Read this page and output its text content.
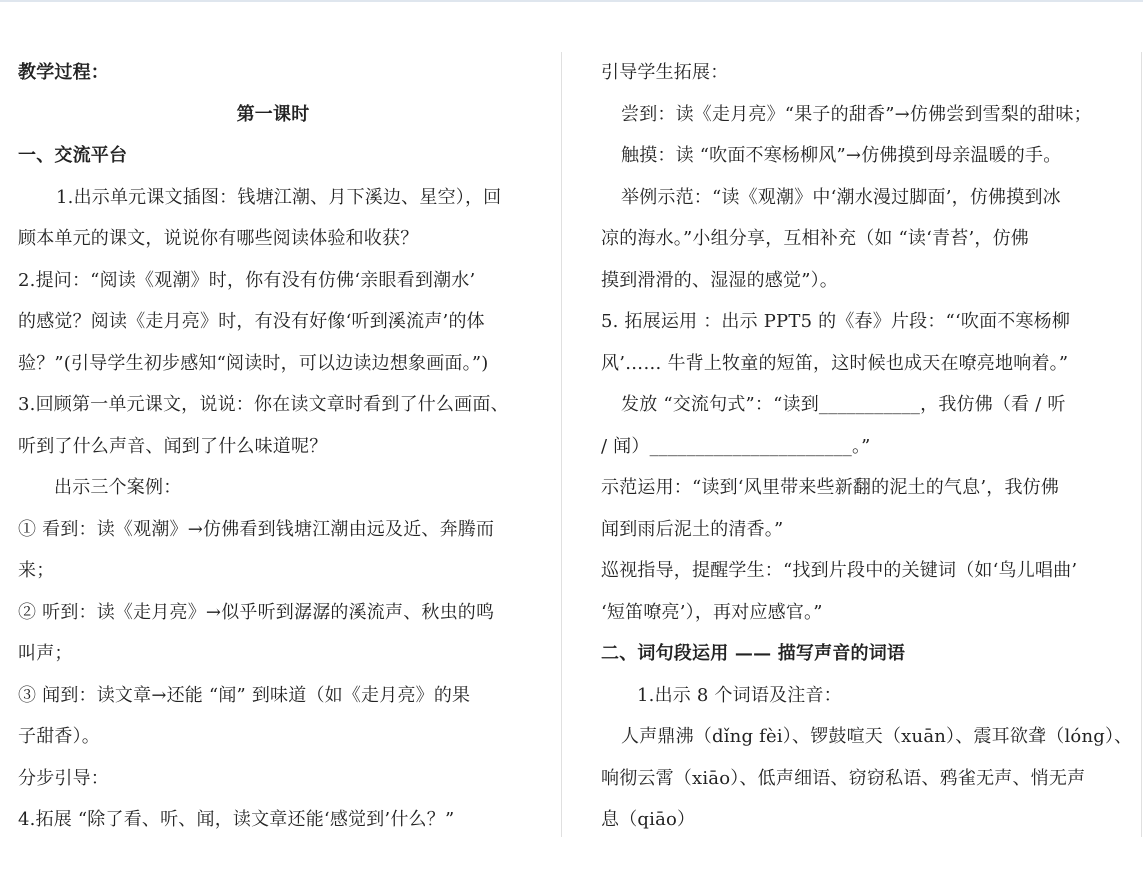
教学过程：
第一课时
一、交流平台
1.出示单元课文插图：钱塘江潮、月下溪边、星空），回
顾本单元的课文，说说你有哪些阅读体验和收获？
2.提问：“阅读《观潮》时，你有没有仿佛‘亲眼看到潮水’
的感觉？阅读《走月亮》时，有没有好像‘听到溪流声’的体
验？”(引导学生初步感知“阅读时，可以边读边想象画面。”)
3.回顾第一单元课文，说说：你在读文章时看到了什么画面、
听到了什么声音、闻到了什么味道呢？
出示三个案例：
① 看到：读《观潮》→仿佛看到钱塘江潮由远及近、奔腾而
来；
② 听到：读《走月亮》→似乎听到潺潺的溪流声、秋虫的鸣
叫声；
③ 闻到：读文章→还能 “闻” 到味道（如《走月亮》的果
子甜香）。
分步引导：
4.拓展 “除了看、听、闻，读文章还能‘感觉到’什么？”
引导学生拓展：
尝到：读《走月亮》“果子的甜香”→仿佛尝到雪梨的甜味；
触摸：读 “吹面不寒杨柳风”→仿佛摸到母亲温暖的手。
举例示范：“读《观潮》中‘潮水漫过脚面’，仿佛摸到冰
凉的海水。”小组分享，互相补充（如 “读‘青苔’，仿佛
摸到滑滑的、湿湿的感觉”）。
5. 拓展运用 ：出示 PPT5 的《春》片段：“‘吹面不寒杨柳
风’…… 牛背上牧童的短笛，这时候也成天在嘹亮地响着。”
发放 “交流句式”：“读到___________，我仿佛（看 / 听
/ 闻）______________________。”
示范运用：“读到‘风里带来些新翻的泥土的气息’，我仿佛
闻到雨后泥土的清香。”
巡视指导，提醒学生：“找到片段中的关键词（如‘鸟儿唱曲’
‘短笛嘹亮’），再对应感官。”
二、词句段运用 —— 描写声音的词语
1.出示 8 个词语及注音：
人声鼎沸（dǐng fèi）、锣鼓喧天（xuān）、震耳欲聋（lóng）、
响彻云霄（xiāo）、低声细语、窃窃私语、鸦雀无声、悄无声
息（qiāo）
